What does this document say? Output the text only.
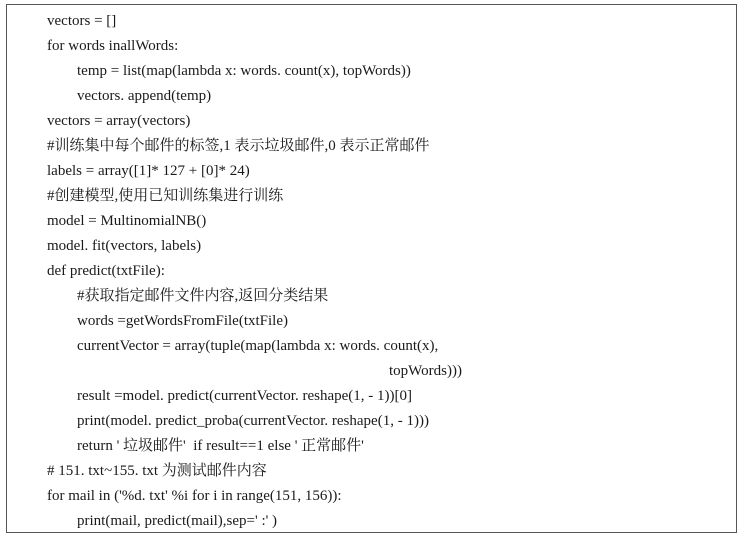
vectors = []
for words inallWords:
temp = list(map(lambda x: words. count(x), topWords))
vectors. append(temp)
vectors = array(vectors)
#训练集中每个邮件的标签,1 表示垃圾邮件,0 表示正常邮件
labels = array([1]* 127 + [0]* 24)
#创建模型,使用已知训练集进行训练
model = MultinomialNB()
model. fit(vectors, labels)
def predict(txtFile):
#获取指定邮件文件内容,返回分类结果
words =getWordsFromFile(txtFile)
currentVector = array(tuple(map(lambda x: words. count(x),
topWords)))
result =model. predict(currentVector. reshape(1, - 1))[0]
print(model. predict_proba(currentVector. reshape(1, - 1)))
return ' 垃圾邮件'  if result==1 else ' 正常邮件'
# 151. txt~155. txt 为测试邮件内容
for mail in ('%d. txt' %i for i in range(151, 156)):
print(mail, predict(mail),sep=' :' )
